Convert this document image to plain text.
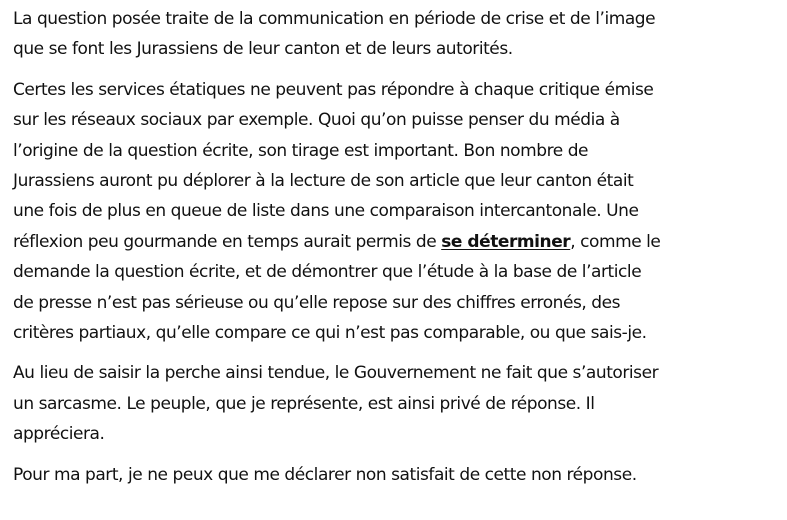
La question posée traite de la communication en période de crise et de l’image
que se font les Jurassiens de leur canton et de leurs autorités.

Certes les services étatiques ne peuvent pas répondre à chaque critique émise
sur les réseaux sociaux par exemple. Quoi qu’on puisse penser du média à
l’origine de la question écrite, son tirage est important. Bon nombre de
Jurassiens auront pu déplorer à la lecture de son article que leur canton était
une fois de plus en queue de liste dans une comparaison intercantonale. Une
réflexion peu gourmande en temps aurait permis de se déterminer, comme le
demande la question écrite, et de démontrer que l’étude à la base de l’article
de presse n’est pas sérieuse ou qu’elle repose sur des chiffres erronés, des
critères partiaux, qu’elle compare ce qui n’est pas comparable, ou que sais-je.

Au lieu de saisir la perche ainsi tendue, le Gouvernement ne fait que s’autoriser
un sarcasme. Le peuple, que je représente, est ainsi privé de réponse. Il
appréciera.

Pour ma part, je ne peux que me déclarer non satisfait de cette non réponse.
